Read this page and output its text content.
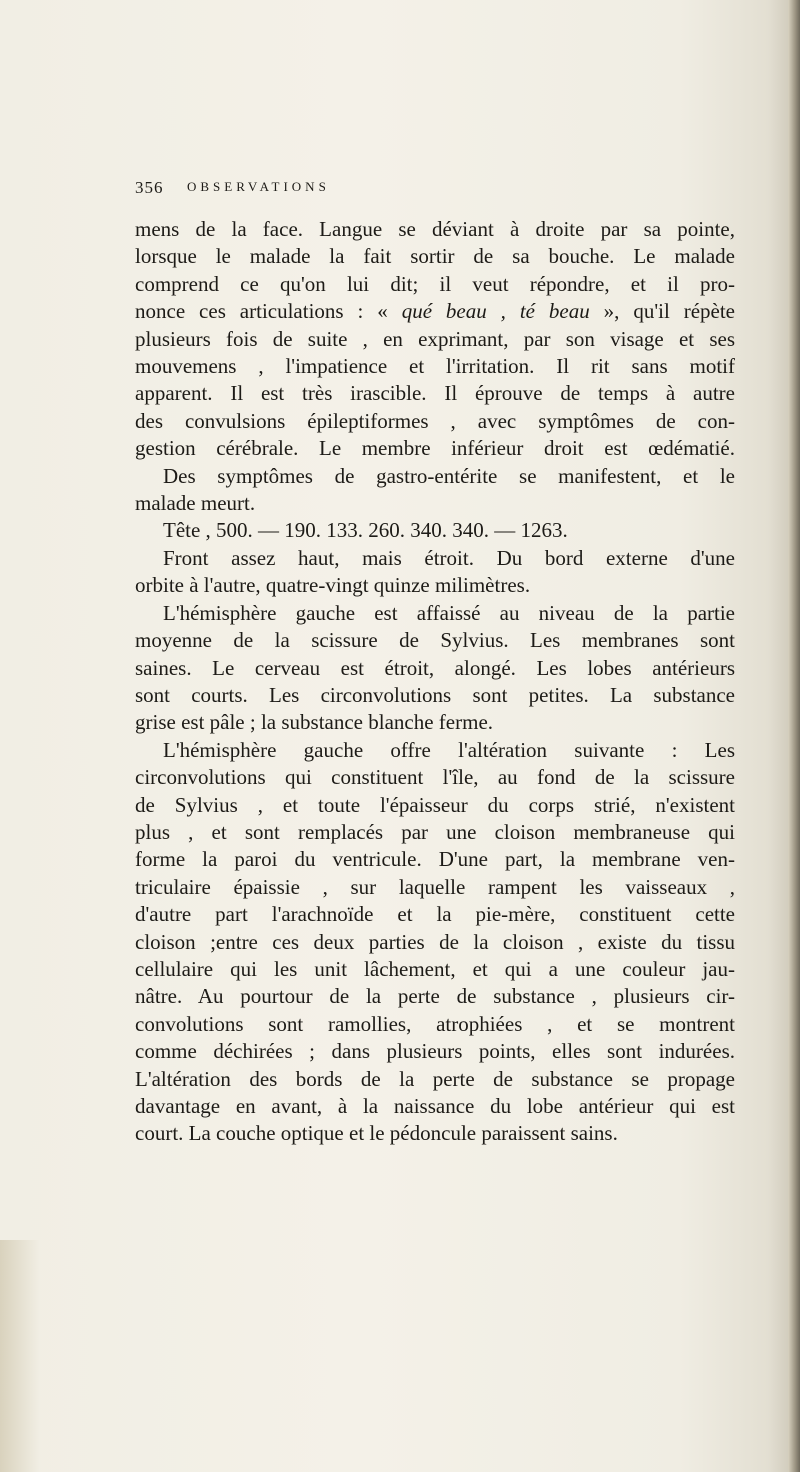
356 OBSERVATIONS
mens de la face. Langue se déviant à droite par sa pointe,
lorsque le malade la fait sortir de sa bouche. Le malade
comprend ce qu'on lui dit; il veut répondre, et il pro-
nonce ces articulations : « qué beau , té beau », qu'il répète
plusieurs fois de suite , en exprimant, par son visage et ses
mouvemens , l'impatience et l'irritation. Il rit sans motif
apparent. Il est très irascible. Il éprouve de temps à autre
des convulsions épileptiformes , avec symptômes de con-
gestion cérébrale. Le membre inférieur droit est œdématié.
Des symptômes de gastro-entérite se manifestent, et le
malade meurt.
Tête , 500. — 190. 133. 260. 340. 340. — 1263.
Front assez haut, mais étroit. Du bord externe d'une
orbite à l'autre, quatre-vingt quinze milimètres.
L'hémisphère gauche est affaissé au niveau de la partie
moyenne de la scissure de Sylvius. Les membranes sont
saines. Le cerveau est étroit, alongé. Les lobes antérieurs
sont courts. Les circonvolutions sont petites. La substance
grise est pâle ; la substance blanche ferme.
L'hémisphère gauche offre l'altération suivante : Les
circonvolutions qui constituent l'île, au fond de la scissure
de Sylvius , et toute l'épaisseur du corps strié, n'existent
plus , et sont remplacés par une cloison membraneuse qui
forme la paroi du ventricule. D'une part, la membrane ven-
triculaire épaissie , sur laquelle rampent les vaisseaux ,
d'autre part l'arachnoïde et la pie-mère, constituent cette
cloison ;entre ces deux parties de la cloison , existe du tissu
cellulaire qui les unit lâchement, et qui a une couleur jau-
nâtre. Au pourtour de la perte de substance , plusieurs cir-
convolutions sont ramollies, atrophiées , et se montrent
comme déchirées ; dans plusieurs points, elles sont indurées.
L'altération des bords de la perte de substance se propage
davantage en avant, à la naissance du lobe antérieur qui est
court. La couche optique et le pédoncule paraissent sains.
